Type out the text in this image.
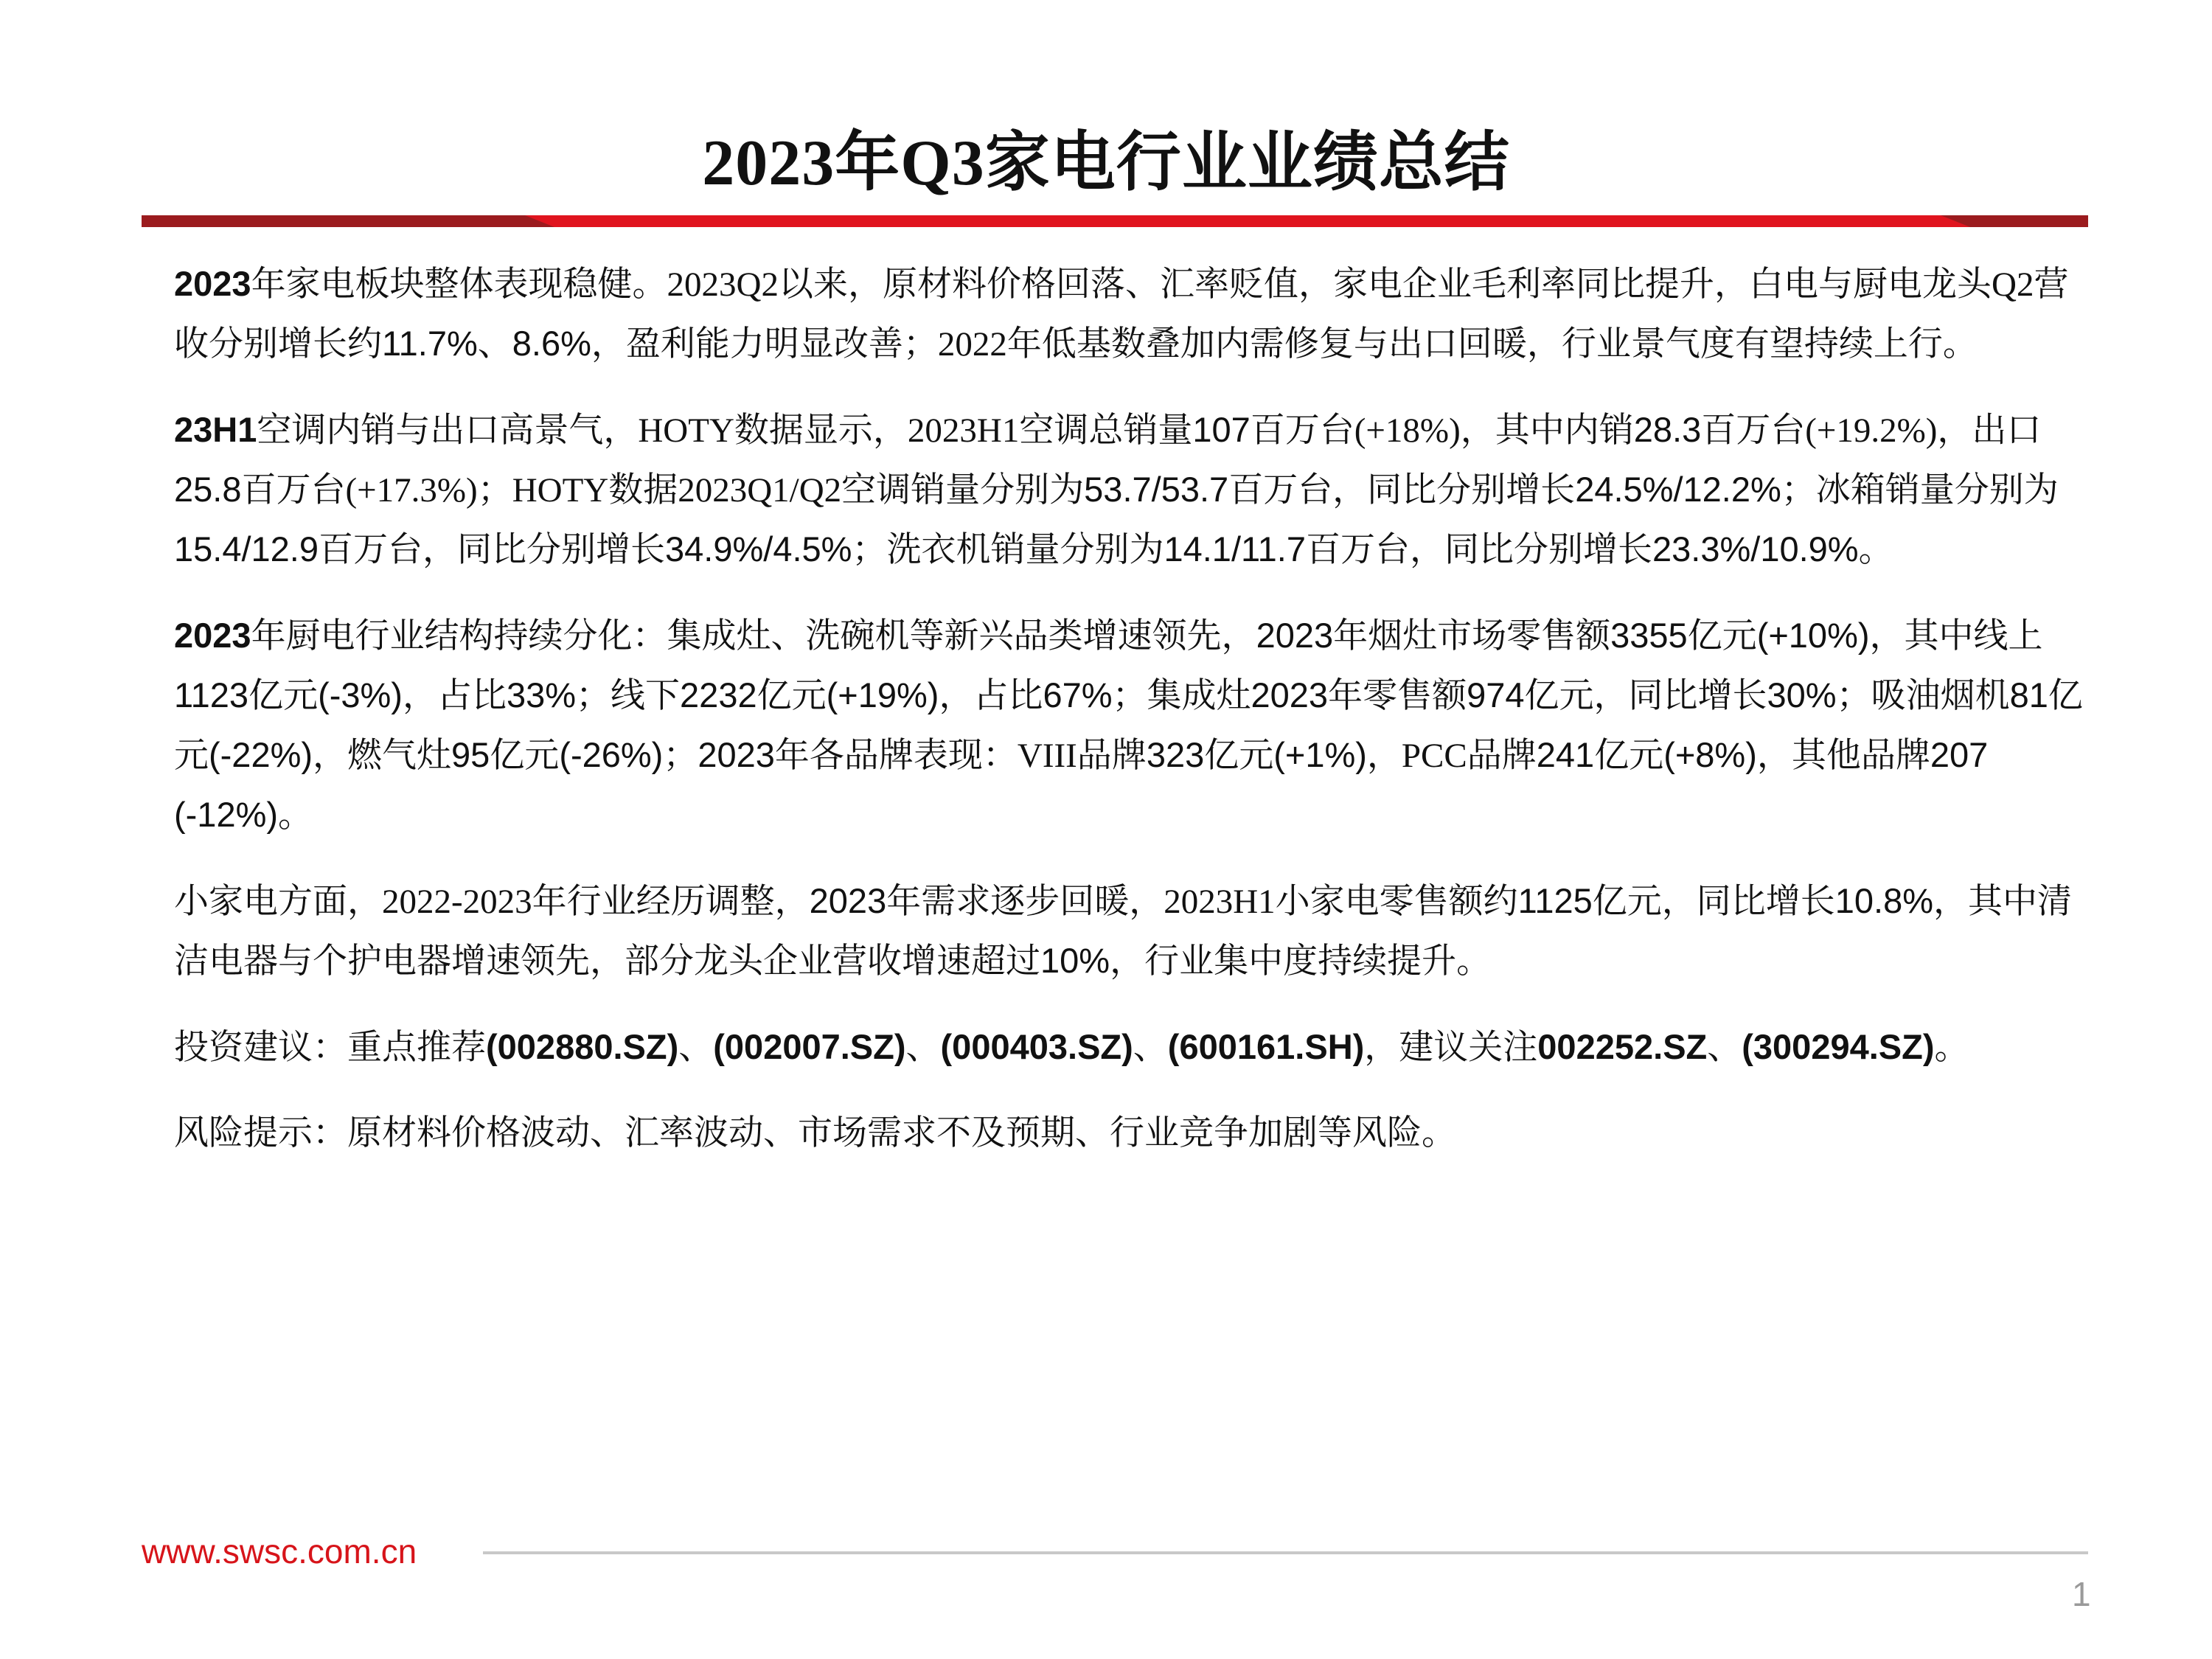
2023年Q3家电行业业绩总结

2023年家电板块整体表现稳健。2023Q2以来，原材料价格回落、汇率贬值，家电企业毛利率同比提升，白电与厨电龙头Q2营收分别增长约11.7%、8.6%，盈利能力明显改善；2022年低基数叠加内需修复与出口回暖，行业景气度有望持续上行。

23H1空调内销与出口高景气，HOTY数据显示，2023H1空调总销量107百万台(+18%)，其中内销28.3百万台(+19.2%)，出口25.8百万台(+17.3%)；HOTY数据2023Q1/Q2空调销量分别为53.7/53.7百万台，同比分别增长24.5%/12.2%；冰箱销量分别为15.4/12.9百万台，同比分别增长34.9%/4.5%；洗衣机销量分别为14.1/11.7百万台，同比分别增长23.3%/10.9%。

2023年厨电行业结构持续分化：集成灶、洗碗机等新兴品类增速领先，2023年烟灶市场零售额3355亿元(+10%)，其中线上1123亿元(-3%)，占比33%；线下2232亿元(+19%)，占比67%；集成灶2023年零售额974亿元，同比增长30%；吸油烟机81亿元(-22%)，燃气灶95亿元(-26%)；2023年各品牌表现：VIII品牌323亿元(+1%)，PCC品牌241亿元(+8%)，其他品牌207 (-12%)。

小家电方面，2022-2023年行业经历调整，2023年需求逐步回暖，2023H1小家电零售额约1125亿元，同比增长10.8%，其中清洁电器与个护电器增速领先，部分龙头企业营收增速超过10%，行业集中度持续提升。

投资建议：重点推荐(002880.SZ)、(002007.SZ)、(000403.SZ)、(600161.SH)，建议关注002252.SZ、(300294.SZ)。

风险提示：原材料价格波动、汇率波动、市场需求不及预期、行业竞争加剧等风险。

www.swsc.com.cn
1
